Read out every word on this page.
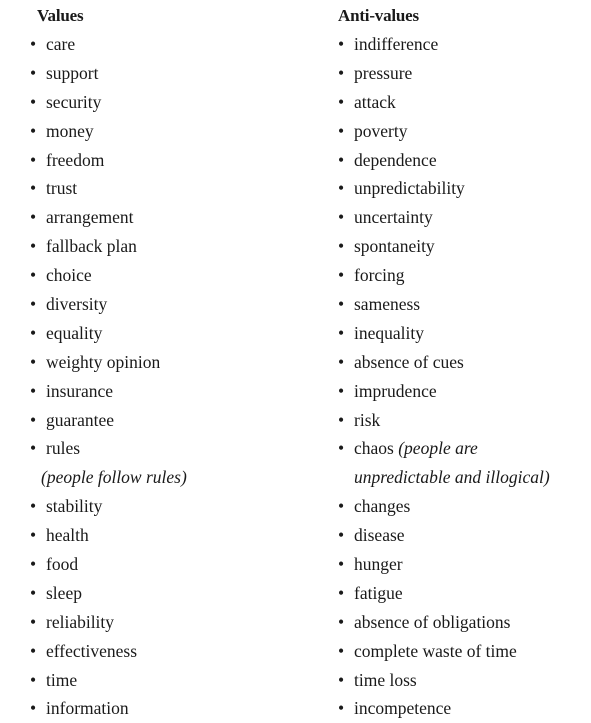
Values
• care
• support
• security
• money
• freedom
• trust
• arrangement
• fallback plan
• choice
• diversity
• equality
• weighty opinion
• insurance
• guarantee
• rules
(people follow rules)
• stability
• health
• food
• sleep
• reliability
• effectiveness
• time
• information
Anti-values
• indifference
• pressure
• attack
• poverty
• dependence
• unpredictability
• uncertainty
• spontaneity
• forcing
• sameness
• inequality
• absence of cues
• imprudence
• risk
• chaos (people are
unpredictable and illogical)
• changes
• disease
• hunger
• fatigue
• absence of obligations
• complete waste of time
• time loss
• incompetence
